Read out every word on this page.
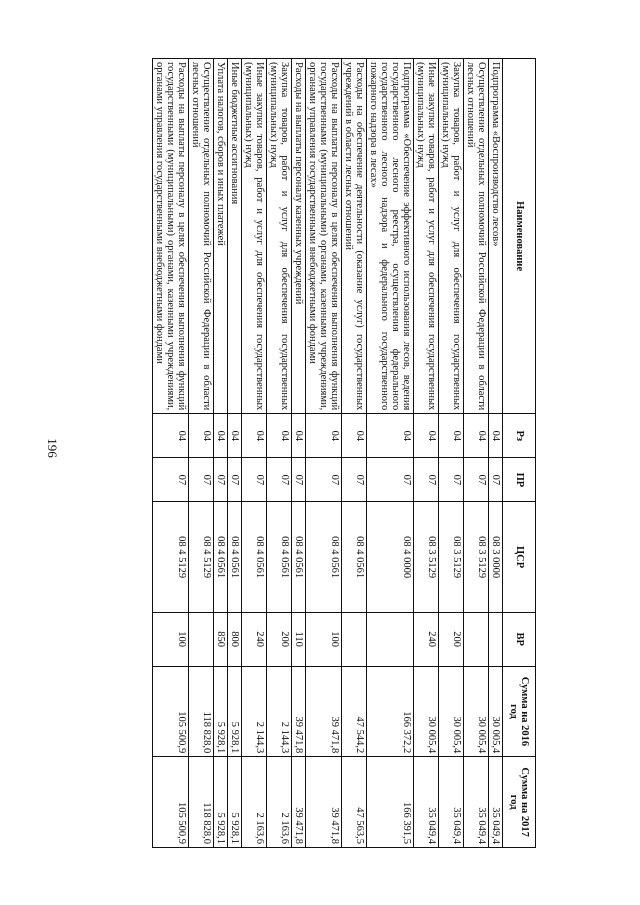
196
Наименование	Рз	ПР	ЦСР	ВР	Сумма на 2016 год	Сумма на 2017 год
Подпрограмма «Воспроизводство лесов»	04	07	08 3 0000		30 005,4	35 049,4
Осуществление отдельных полномочий Российской Федерации в области лесных отношений	04	07	08 3 5129		30 005,4	35 049,4
Закупка товаров, работ и услуг для обеспечения государственных (муниципальных) нужд	04	07	08 3 5129	200	30 005,4	35 049,4
Иные закупки товаров, работ и услуг для обеспечения государственных (муниципальных) нужд	04	07	08 3 5129	240	30 005,4	35 049,4
Подпрограмма «Обеспечение эффективного использования лесов, ведения государственного лесного реестра, осуществления федерального государственного лесного надзора и федерального государственного пожарного надзора в лесах»	04	07	08 4 0000		166 372,2	166 391,5
Расходы на обеспечение деятельности (оказание услуг) государственных учреждений в области лесных отношений	04	07	08 4 0561		47 544,2	47 563,5
Расходы на выплаты персоналу в целях обеспечения выполнения функций государственными (муниципальными) органами, казенными учреждениями, органами управления государственными внебюджетными фондами	04	07	08 4 0561	100	39 471,8	39 471,8
Расходы на выплаты персоналу казенных учреждений	04	07	08 4 0561	110	39 471,8	39 471,8
Закупка товаров, работ и услуг для обеспечения государственных (муниципальных) нужд	04	07	08 4 0561	200	2 144,3	2 163,6
Иные закупки товаров, работ и услуг для обеспечения государственных (муниципальных) нужд	04	07	08 4 0561	240	2 144,3	2 163,6
Иные бюджетные ассигнования	04	07	08 4 0561	800	5 928,1	5 928,1
Уплата налогов, сборов и иных платежей	04	07	08 4 0561	850	5 928,1	5 928,1
Осуществление отдельных полномочий Российской Федерации в области лесных отношений	04	07	08 4 5129		118 828,0	118 828,0
Расходы на выплаты персоналу в целях обеспечения выполнения функций государственными (муниципальными) органами, казенными учреждениями, органами управления государственными внебюджетными фондами	04	07	08 4 5129	100	105 500,9	105 500,9
